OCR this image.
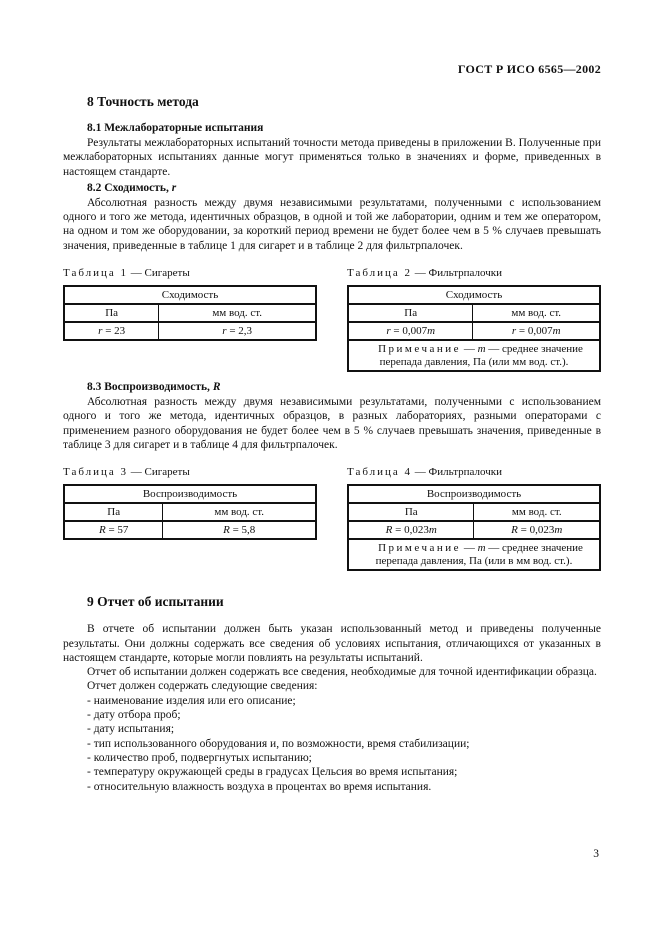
ГОСТ Р ИСО 6565—2002
8 Точность метода
8.1 Межлабораторные испытания

Результаты межлабораторных испытаний точности метода приведены в приложении В. Полученные при межлабораторных испытаниях данные могут применяться только в значениях и форме, приведенных в настоящем стандарте.

8.2 Сходимость, r

Абсолютная разность между двумя независимыми результатами, полученными с использованием одного и того же метода, идентичных образцов, в одной и той же лаборатории, одним и тем же оператором, на одном и том же оборудовании, за короткий период времени не будет более чем в 5 % случаев превышать значения, приведенные в таблице 1 для сигарет и в таблице 2 для фильтрпалочек.

Таблица 1 — Сигареты
Сходимость	
Па	мм вод. ст.
r = 23	r = 2,3
Таблица 2 — Фильтрпалочки
Сходимость	
Па	мм вод. ст.
r = 0,007m	r = 0,007m
Примечание — m — среднее значение перепада давления, Па (или мм вод. ст.).	
8.3 Воспроизводимость, R

Абсолютная разность между двумя независимыми результатами, полученными с использованием одного и того же метода, идентичных образцов, в разных лабораториях, разными операторами с применением разного оборудования не будет более чем в 5 % случаев превышать значения, приведенные в таблице 3 для сигарет и в таблице 4 для фильтрпалочек.

Таблица 3 — Сигареты
Воспроизводимость	
Па	мм вод. ст.
R = 57	R = 5,8
Таблица 4 — Фильтрпалочки
Воспроизводимость	
Па	мм вод. ст.
R = 0,023m	R = 0,023m
Примечание — m — среднее значение перепада давления, Па (или в мм вод. ст.).	
9 Отчет об испытании

В отчете об испытании должен быть указан использованный метод и приведены полученные результаты. Они должны содержать все сведения об условиях испытания, отличающихся от указанных в настоящем стандарте, которые могли повлиять на результаты испытаний.

Отчет об испытании должен содержать все сведения, необходимые для точной идентификации образца.

Отчет должен содержать следующие сведения:

- наименование изделия или его описание;
- дату отбора проб;
- дату испытания;
- тип использованного оборудования и, по возможности, время стабилизации;
- количество проб, подвергнутых испытанию;
- температуру окружающей среды в градусах Цельсия во время испытания;
- относительную влажность воздуха в процентах во время испытания.
3
